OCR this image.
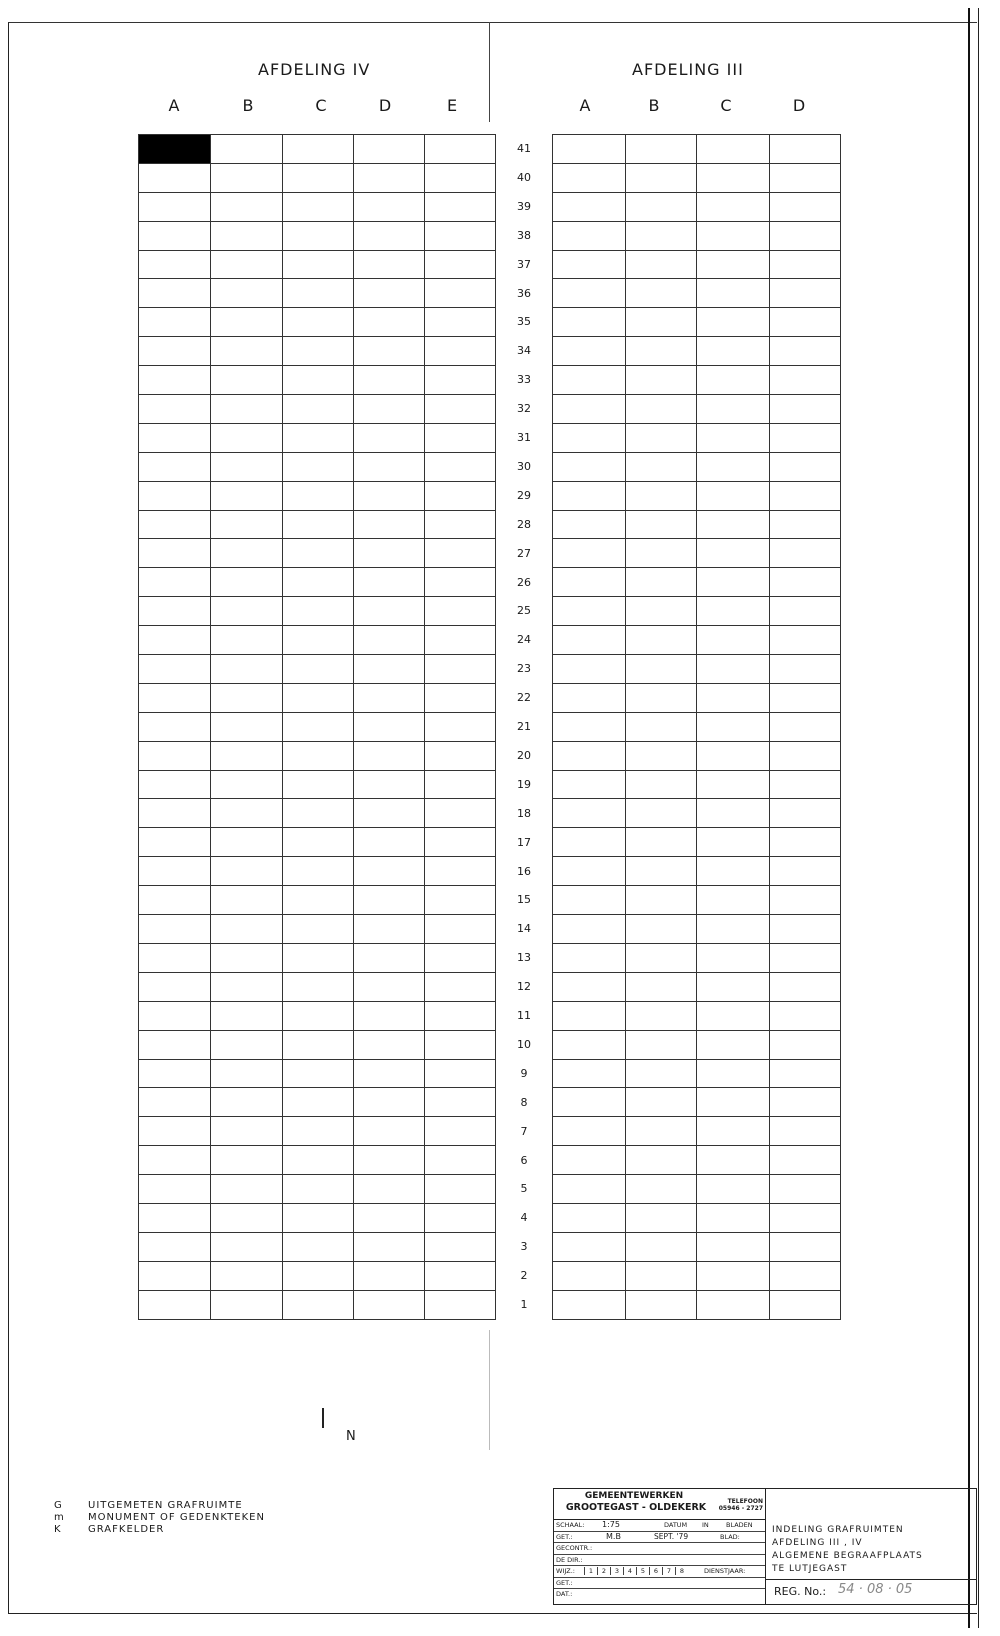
AFDELING IV
A	B	C	D	E
AFDELING III
A	B	C	D

41
40
39
38
37
36
35
34
33
32
31
30
29
28
27
26
25
24
23
22
21
20
19
18
17
16
15
14
13
12
11
10
9
8
7
6
5
4
3
2
1
N
G	UITGEMETEN GRAFRUIMTE
m	MONUMENT OF GEDENKTEKEN
K	GRAFKELDER
GEMEENTEWERKEN
GROOTEGAST - OLDEKERK
TELEFOON
05946 - 2727
SCHAAL: 1:75	DATUM IN	BLADEN
GET.:	M.B	SEPT. '79	BLAD:
GECONTR.:
DE DIR.:
WIJZ.:	1	2	3	4	5	6	7	8	DIENSTJAAR:
GET.:
DAT.:
INDELING GRAFRUIMTEN
AFDELING III , IV
ALGEMENE BEGRAAFPLAATS
TE LUTJEGAST
REG. No.: 54 · 08 · 05
